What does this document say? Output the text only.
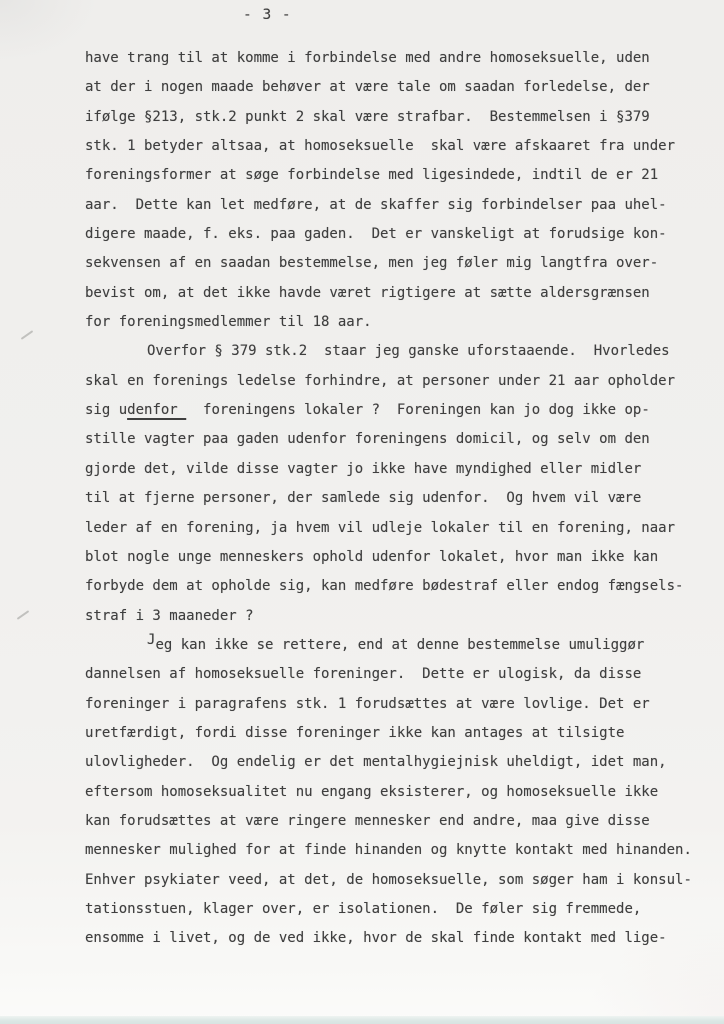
- 3 -
have trang til at komme i forbindelse med andre homoseksuelle, uden
at der i nogen maade behøver at være tale om saadan forledelse, der
ifølge §213, stk.2 punkt 2 skal være strafbar.  Bestemmelsen i §379
stk. 1 betyder altsaa, at homoseksuelle  skal være afskaaret fra under
foreningsformer at søge forbindelse med ligesindede, indtil de er 21
aar.  Dette kan let medføre, at de skaffer sig forbindelser paa uhel-
digere maade, f. eks. paa gaden.  Det er vanskeligt at forudsige kon-
sekvensen af en saadan bestemmelse, men jeg føler mig langtfra over-
bevist om, at det ikke havde været rigtigere at sætte aldersgrænsen
for foreningsmedlemmer til 18 aar.
Overfor § 379 stk.2  staar jeg ganske uforstaaende.  Hvorledes
skal en forenings ledelse forhindre, at personer under 21 aar opholder
sig udenfor   foreningens lokaler ?  Foreningen kan jo dog ikke op-
stille vagter paa gaden udenfor foreningens domicil, og selv om den
gjorde det, vilde disse vagter jo ikke have myndighed eller midler
til at fjerne personer, der samlede sig udenfor.  Og hvem vil være
leder af en forening, ja hvem vil udleje lokaler til en forening, naar
blot nogle unge menneskers ophold udenfor lokalet, hvor man ikke kan
forbyde dem at opholde sig, kan medføre bødestraf eller endog fængsels-
straf i 3 maaneder ?
Jeg kan ikke se rettere, end at denne bestemmelse umuliggør
dannelsen af homoseksuelle foreninger.  Dette er ulogisk, da disse
foreninger i paragrafens stk. 1 forudsættes at være lovlige. Det er
uretfærdigt, fordi disse foreninger ikke kan antages at tilsigte
ulovligheder.  Og endelig er det mentalhygiejnisk uheldigt, idet man,
eftersom homoseksualitet nu engang eksisterer, og homoseksuelle ikke
kan forudsættes at være ringere mennesker end andre, maa give disse
mennesker mulighed for at finde hinanden og knytte kontakt med hinanden.
Enhver psykiater veed, at det, de homoseksuelle, som søger ham i konsul-
tationsstuen, klager over, er isolationen.  De føler sig fremmede,
ensomme i livet, og de ved ikke, hvor de skal finde kontakt med lige-
